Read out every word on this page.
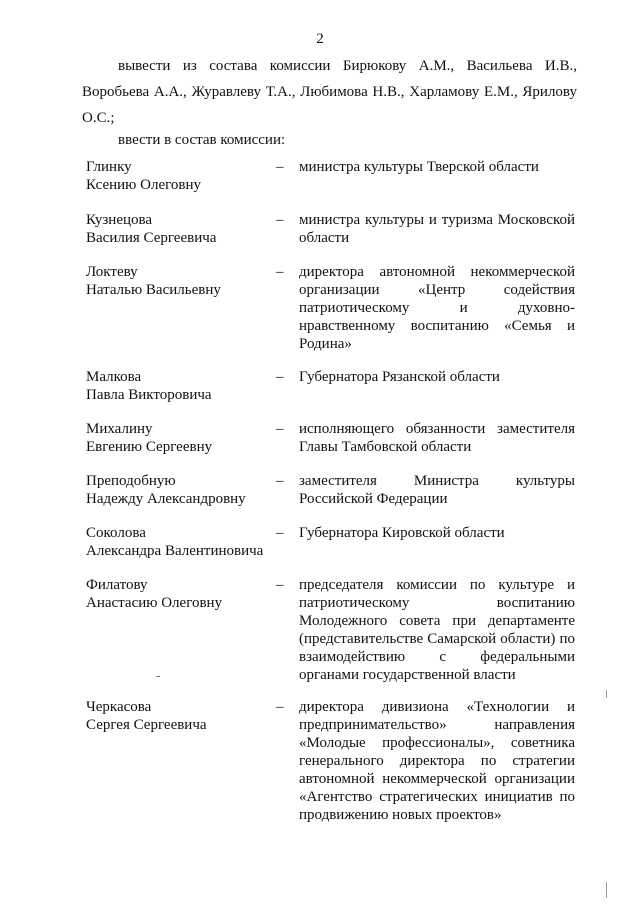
2

вывести из состава комиссии Бирюкову А.М., Васильева И.В., Воробьева А.А., Журавлеву Т.А., Любимова Н.В., Харламову Е.М., Ярилову О.С.;

ввести в состав комиссии:

Глинку
Ксению Олеговну
–	министра культуры Тверской области
Кузнецова
Василия Сергеевича
–	министра культуры и туризма Московской области
Локтеву
Наталью Васильевну
–	директора автономной некоммерческой организации «Центр содействия патриотическому и духовно-нравственному воспитанию «Семья и Родина»
Малкова
Павла Викторовича
–	Губернатора Рязанской области
Михалину
Евгению Сергеевну
–	исполняющего обязанности заместителя Главы Тамбовской области
Преподобную
Надежду Александровну
–	заместителя Министра культуры Российской Федерации
Соколова
Александра Валентиновича
–	Губернатора Кировской области
Филатову
Анастасию Олеговну
–	председателя комиссии по культуре и патриотическому воспитанию Молодежного совета при департаменте (представительстве Самарской области) по взаимодействию с федеральными органами государственной власти
Черкасова
Сергея Сергеевича
–	директора дивизиона «Технологии и предпринимательство» направления «Молодые профессионалы», советника генерального директора по стратегии автономной некоммерческой организации «Агентство стратегических инициатив по продвижению новых проектов»
